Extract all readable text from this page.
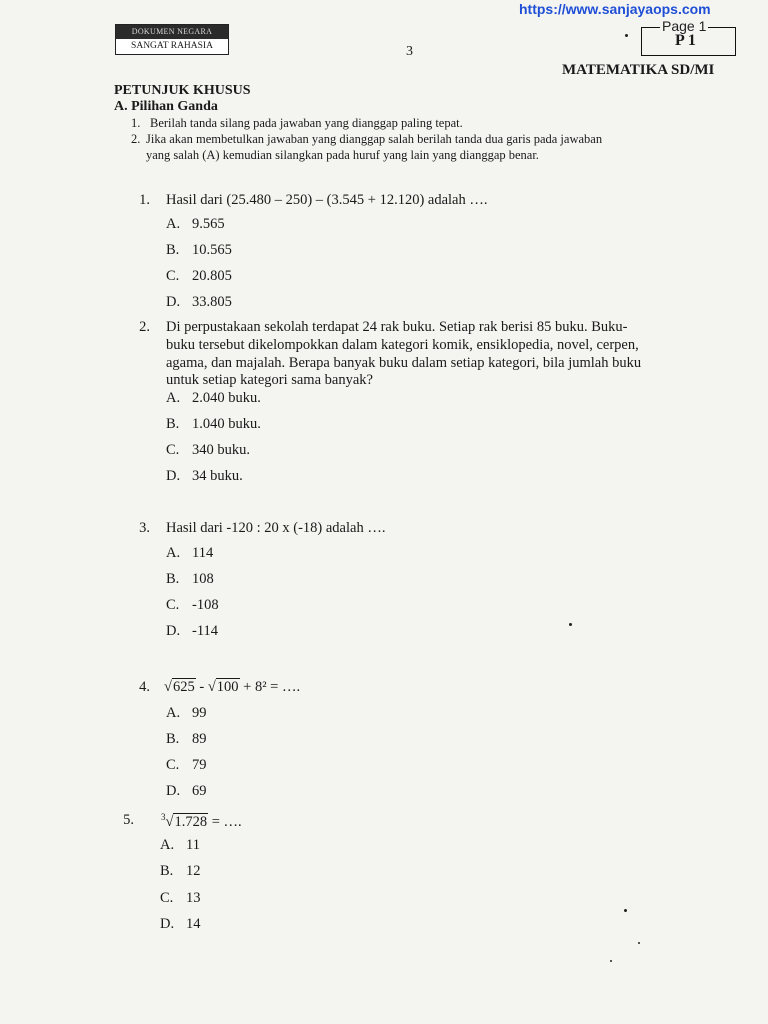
https://www.sanjayaops.com
DOKUMEN NEGARA
SANGAT RAHASIA	3
Page 1
P 1
MATEMATIKA SD/MI
PETUNJUK KHUSUS
A. Pilihan Ganda
1. Berilah tanda silang pada jawaban yang dianggap paling tepat.
2. Jika akan membetulkan jawaban yang dianggap salah berilah tanda dua garis pada jawaban
yang salah (A) kemudian silangkan pada huruf yang lain yang dianggap benar.
1. Hasil dari (25.480 – 250) – (3.545 + 12.120) adalah ….
A. 9.565
B. 10.565
C. 20.805
D. 33.805
2. Di perpustakaan sekolah terdapat 24 rak buku. Setiap rak berisi 85 buku. Buku-
buku tersebut dikelompokkan dalam kategori komik, ensiklopedia, novel, cerpen,
agama, dan majalah. Berapa banyak buku dalam setiap kategori, bila jumlah buku
untuk setiap kategori sama banyak?
A. 2.040 buku.
B. 1.040 buku.
C. 340 buku.
D. 34 buku.
3. Hasil dari -120 : 20 x (-18) adalah ….
A. 114
B. 108
C. -108
D. -114
4. √625 - √100 + 8² = ….
A. 99
B. 89
C. 79
D. 69
5.	$^3$√1.728 = ….
A. 11
B. 12
C. 13
D. 14
